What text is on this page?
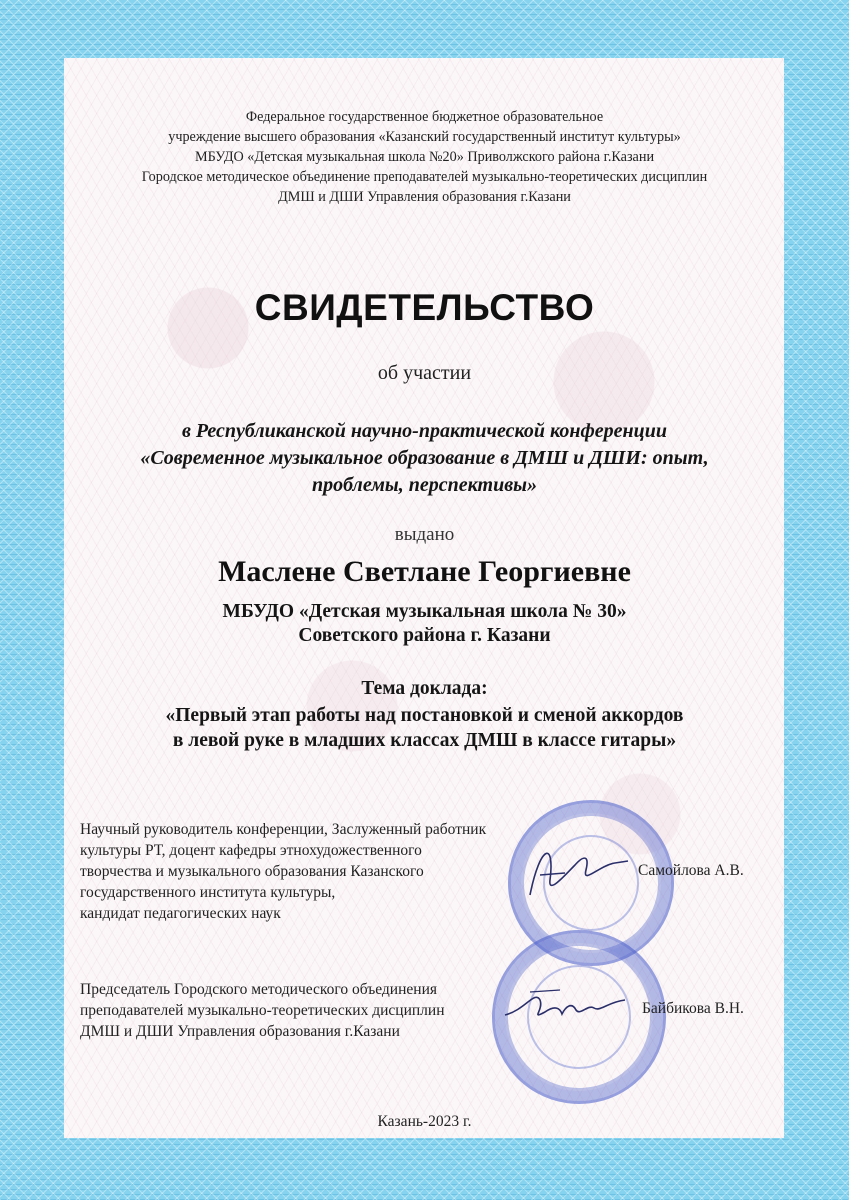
Федеральное государственное бюджетное образовательное
учреждение высшего образования «Казанский государственный институт культуры»
МБУДО «Детская музыкальная школа №20» Приволжского района г.Казани
Городское методическое объединение преподавателей музыкально-теоретических дисциплин
ДМШ и ДШИ Управления образования г.Казани
СВИДЕТЕЛЬСТВО
об участии
в Республиканской научно-практической конференции
«Современное музыкальное образование в ДМШ и ДШИ: опыт,
проблемы, перспективы»
выдано
Маслене Светлане Георгиевне
МБУДО «Детская музыкальная школа № 30»
Советского района г. Казани
Тема доклада:
«Первый этап работы над постановкой и сменой аккордов
в левой руке в младших классах ДМШ в классе гитары»
Научный руководитель конференции, Заслуженный работник
культуры РТ, доцент кафедры этнохудожественного
творчества и музыкального образования Казанского
государственного института культуры,
кандидат педагогических наук
Самойлова А.В.
Председатель Городского методического объединения
преподавателей музыкально-теоретических дисциплин
ДМШ и ДШИ Управления образования г.Казани
Байбикова В.Н.
Казань-2023 г.
